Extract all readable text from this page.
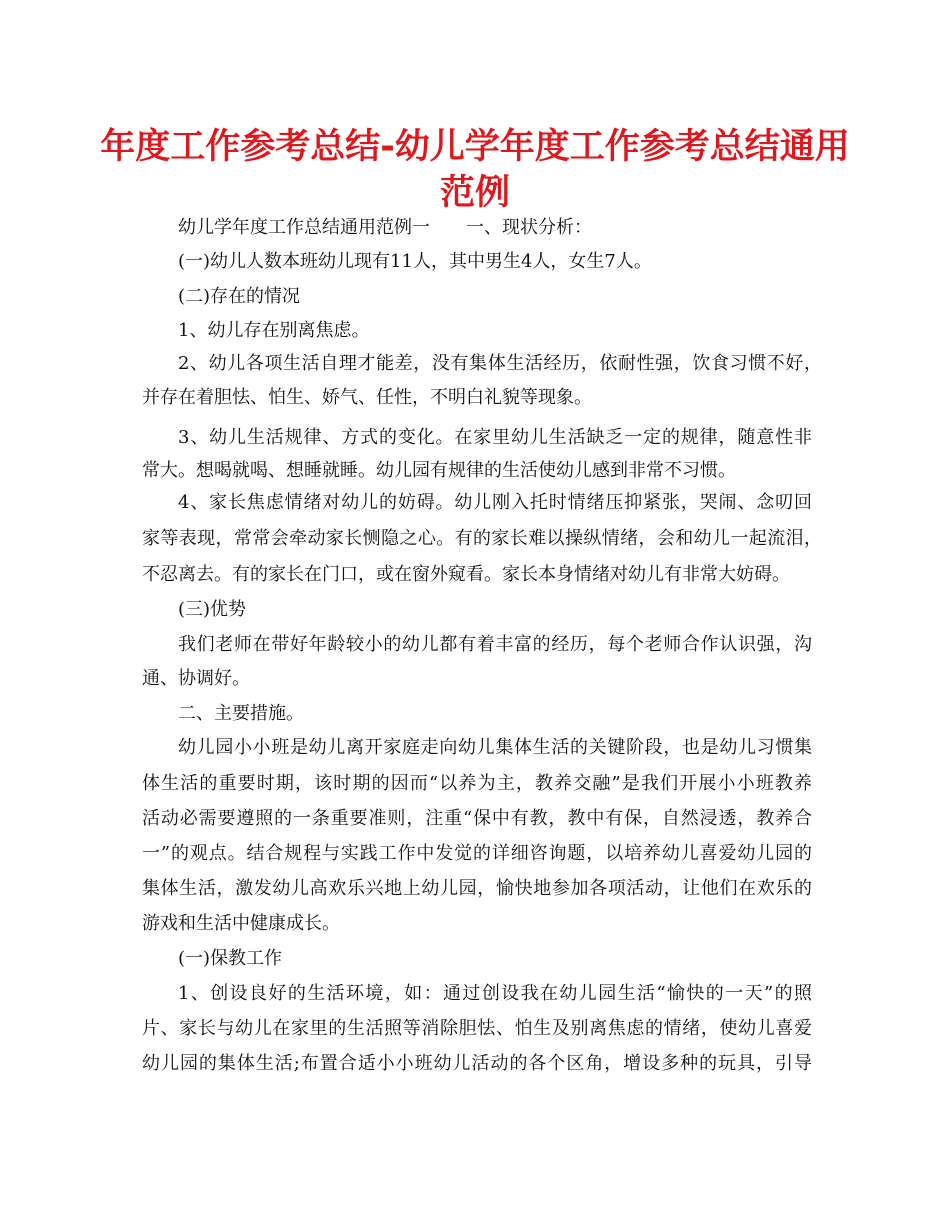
年度工作参考总结-幼儿学年度工作参考总结通用
范例
幼儿学年度工作总结通用范例一　　一、现状分析：
(一)幼儿人数本班幼儿现有11人，其中男生4人，女生7人。
(二)存在的情况
1、幼儿存在别离焦虑。
2、幼儿各项生活自理才能差，没有集体生活经历，依耐性强，饮食习惯不好，
并存在着胆怯、怕生、娇气、任性，不明白礼貌等现象。
3、幼儿生活规律、方式的变化。在家里幼儿生活缺乏一定的规律，随意性非
常大。想喝就喝、想睡就睡。幼儿园有规律的生活使幼儿感到非常不习惯。
4、家长焦虑情绪对幼儿的妨碍。幼儿刚入托时情绪压抑紧张，哭闹、念叨回
家等表现，常常会牵动家长恻隐之心。有的家长难以操纵情绪，会和幼儿一起流泪，
不忍离去。有的家长在门口，或在窗外窥看。家长本身情绪对幼儿有非常大妨碍。
(三)优势
我们老师在带好年龄较小的幼儿都有着丰富的经历，每个老师合作认识强，沟
通、协调好。
二、主要措施。
幼儿园小小班是幼儿离开家庭走向幼儿集体生活的关键阶段，也是幼儿习惯集
体生活的重要时期，该时期的因而“以养为主，教养交融”是我们开展小小班教养
活动必需要遵照的一条重要准则，注重“保中有教，教中有保，自然浸透，教养合
一”的观点。结合规程与实践工作中发觉的详细咨询题，以培养幼儿喜爱幼儿园的
集体生活，激发幼儿高欢乐兴地上幼儿园，愉快地参加各项活动，让他们在欢乐的
游戏和生活中健康成长。
(一)保教工作
1、创设良好的生活环境，如：通过创设我在幼儿园生活“愉快的一天”的照
片、家长与幼儿在家里的生活照等消除胆怯、怕生及别离焦虑的情绪，使幼儿喜爱
幼儿园的集体生活;布置合适小小班幼儿活动的各个区角，增设多种的玩具，引导
